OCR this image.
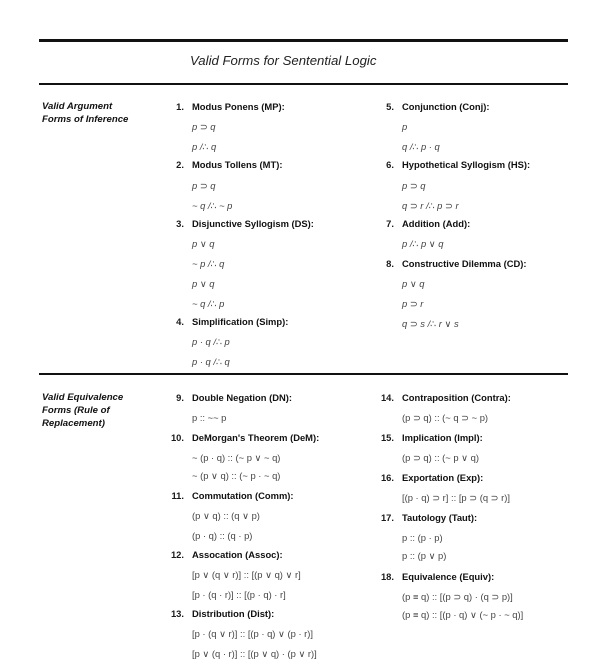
Valid Forms for Sentential Logic
Valid Argument
Forms of Inference
Valid Equivalence
Forms (Rule of
Replacement)
1. Modus Ponens (MP):
p ⊃ q
p /∴ q
2. Modus Tollens (MT):
p ⊃ q
~ q /∴ ~ p
3. Disjunctive Syllogism (DS):
p ∨ q
~ p /∴ q
p ∨ q
~ q /∴ p
4. Simplification (Simp):
p · q /∴ p
p · q /∴ q
5. Conjunction (Conj):
p
q /∴ p · q
6. Hypothetical Syllogism (HS):
p ⊃ q
q ⊃ r /∴ p ⊃ r
7. Addition (Add):
p /∴ p ∨ q
8. Constructive Dilemma (CD):
p ∨ q
p ⊃ r
q ⊃ s /∴ r ∨ s
9. Double Negation (DN):
p :: ~~ p
10. DeMorgan's Theorem (DeM):
~ (p · q) :: (~ p ∨ ~ q)
~ (p ∨ q) :: (~ p · ~ q)
11. Commutation (Comm):
(p ∨ q) :: (q ∨ p)
(p · q) :: (q · p)
12. Assocation (Assoc):
[p ∨ (q ∨ r)] :: [(p ∨ q) ∨ r]
[p · (q · r)] :: [(p · q) · r]
13. Distribution (Dist):
[p · (q ∨ r)] :: [(p · q) ∨ (p · r)]
[p ∨ (q · r)] :: [(p ∨ q) · (p ∨ r)]
14. Contraposition (Contra):
(p ⊃ q) :: (~ q ⊃ ~ p)
15. Implication (Impl):
(p ⊃ q) :: (~ p ∨ q)
16. Exportation (Exp):
[(p · q) ⊃ r] :: [p ⊃ (q ⊃ r)]
17. Tautology (Taut):
p :: (p · p)
p :: (p ∨ p)
18. Equivalence (Equiv):
(p ≡ q) :: [(p ⊃ q) · (q ⊃ p)]
(p ≡ q) :: [(p · q) ∨ (~ p · ~ q)]
